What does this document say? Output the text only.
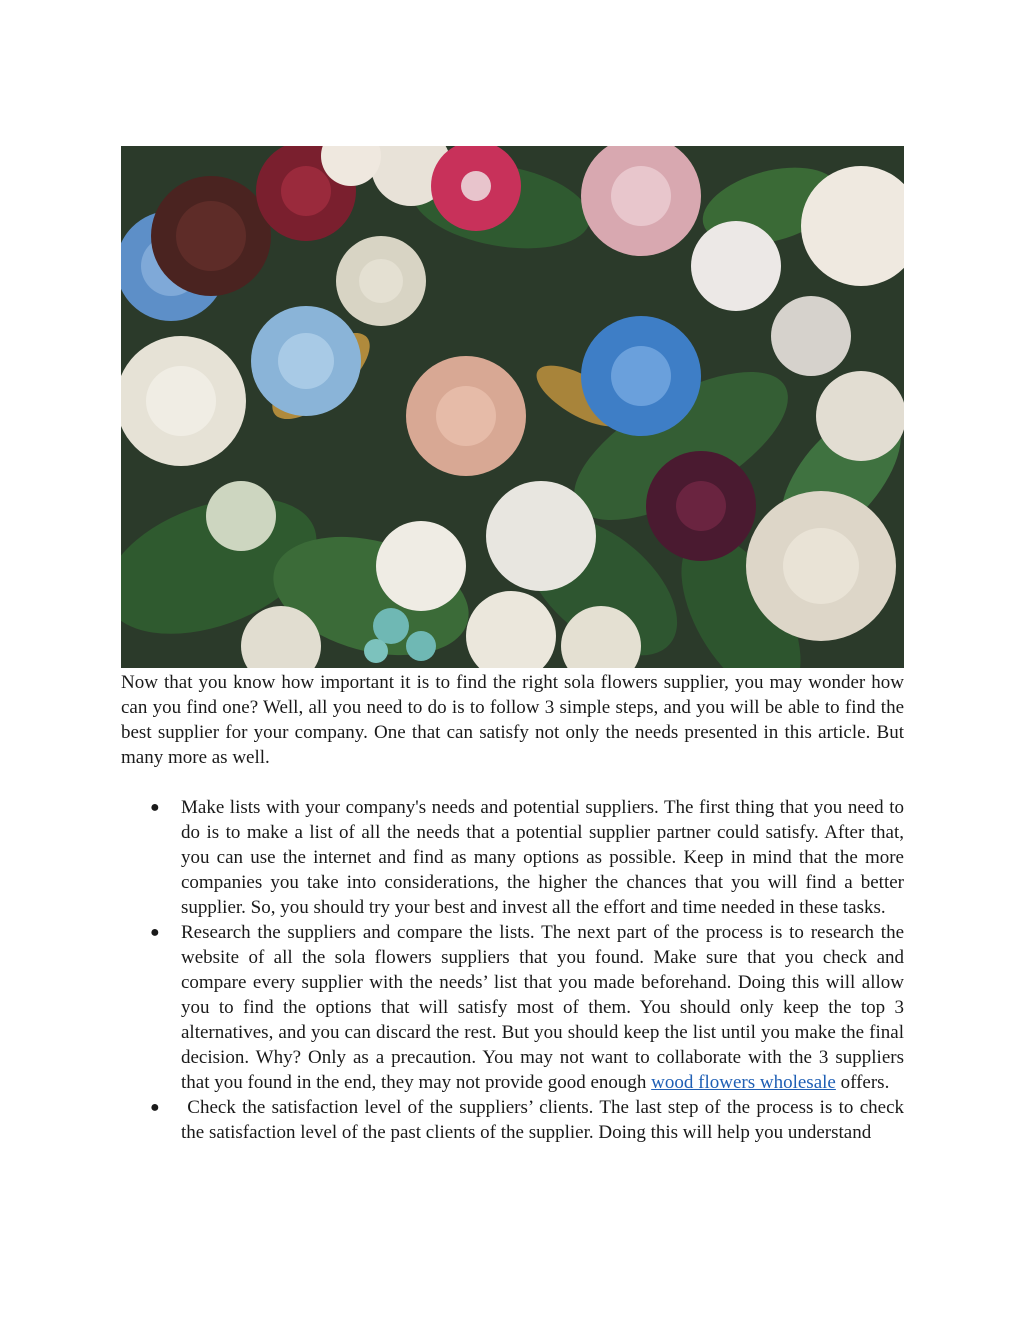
Now that you know how important it is to find the right sola flowers supplier, you may wonder how can you find one? Well, all you need to do is to follow 3 simple steps, and you will be able to find the best supplier for your company. One that can satisfy not only the needs presented in this article. But many more as well.

● Make lists with your company's needs and potential suppliers. The first thing that you need to do is to make a list of all the needs that a potential supplier partner could satisfy. After that, you can use the internet and find as many options as possible. Keep in mind that the more companies you take into considerations, the higher the chances that you will find a better supplier. So, you should try your best and invest all the effort and time needed in these tasks.
● Research the suppliers and compare the lists. The next part of the process is to research the website of all the sola flowers suppliers that you found. Make sure that you check and compare every supplier with the needs’ list that you made beforehand. Doing this will allow you to find the options that will satisfy most of them. You should only keep the top 3 alternatives, and you can discard the rest. But you should keep the list until you make the final decision. Why? Only as a precaution. You may not want to collaborate with the 3 suppliers that you found in the end, they may not provide good enough wood flowers wholesale offers.
● Check the satisfaction level of the suppliers’ clients. The last step of the process is to check the satisfaction level of the past clients of the supplier. Doing this will help you understand
